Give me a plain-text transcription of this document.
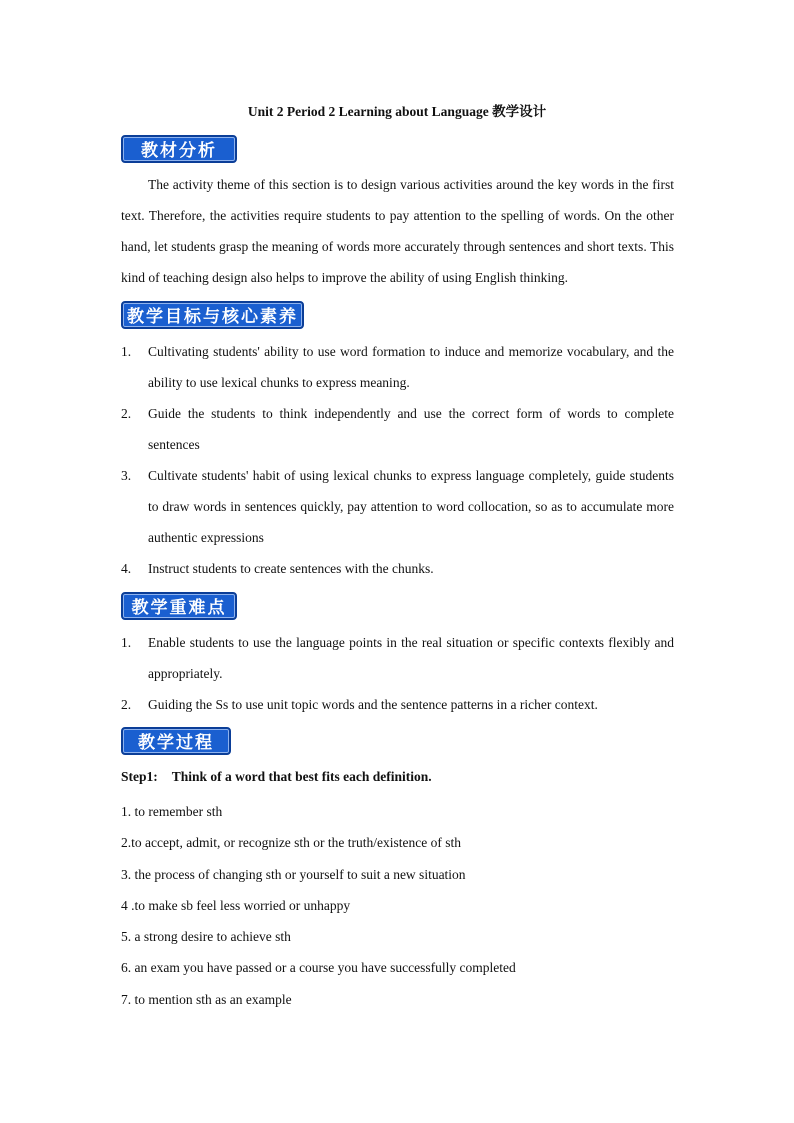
Unit 2 Period 2 Learning about Language 教学设计
教材分析
The activity theme of this section is to design various activities around the key words in the first text. Therefore, the activities require students to pay attention to the spelling of words. On the other hand, let students grasp the meaning of words more accurately through sentences and short texts. This kind of teaching design also helps to improve the ability of using English thinking.
教学目标与核心素养
1. Cultivating students' ability to use word formation to induce and memorize vocabulary, and the ability to use lexical chunks to express meaning.
2. Guide the students to think independently and use the correct form of words to complete sentences
3. Cultivate students' habit of using lexical chunks to express language completely, guide students to draw words in sentences quickly, pay attention to word collocation, so as to accumulate more authentic expressions
4. Instruct students to create sentences with the chunks.
教学重难点
1. Enable students to use the language points in the real situation or specific contexts flexibly and appropriately.
2. Guiding the Ss to use unit topic words and the sentence patterns in a richer context.
教学过程
Step1: Think of a word that best fits each definition.
1. to remember sth
2.to accept, admit, or recognize sth or the truth/existence of sth
3. the process of changing sth or yourself to suit a new situation
4 .to make sb feel less worried or unhappy
5. a strong desire to achieve sth
6. an exam you have passed or a course you have successfully completed
7. to mention sth as an example
